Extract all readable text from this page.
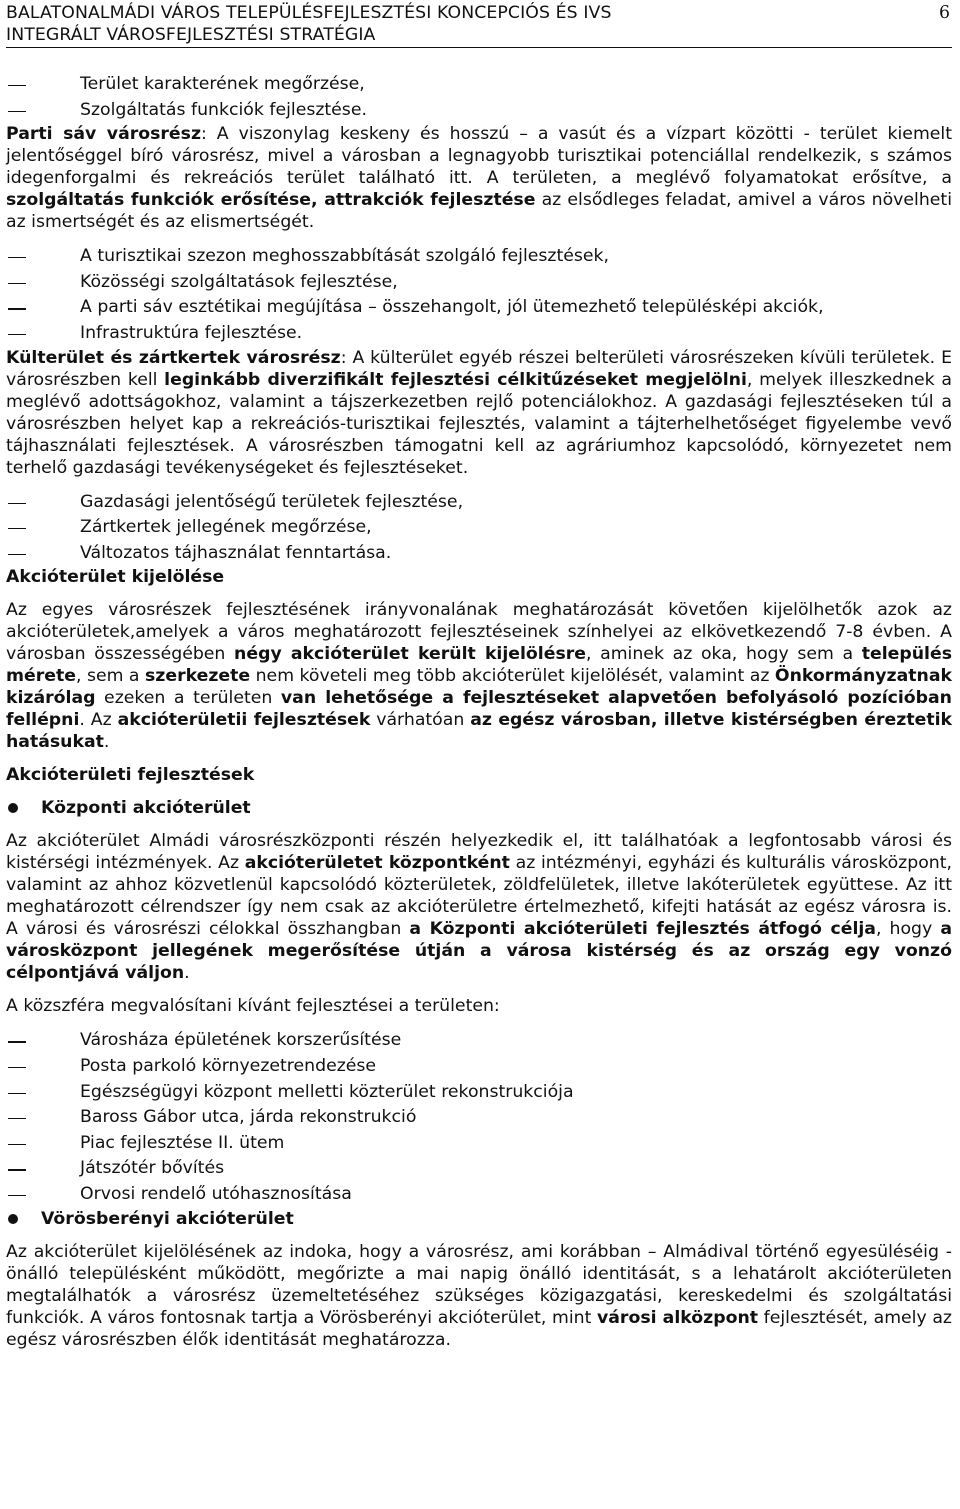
BALATONALMÁDI VÁROS TELEPÜLÉSFEJLESZTÉSI KONCEPCIÓS ÉS IVS
INTEGRÁLT VÁROSFEJLESZTÉSI STRATÉGIA
6
Terület karakterének megőrzése,
Szolgáltatás funkciók fejlesztése.

Parti sáv városrész: A viszonylag keskeny és hosszú – a vasút és a vízpart közötti - terület kiemelt jelentőséggel bíró városrész, mivel a városban a legnagyobb turisztikai potenciállal rendelkezik, s számos idegenforgalmi és rekreációs terület található itt. A területen, a meglévő folyamatokat erősítve, a szolgáltatás funkciók erősítése, attrakciók fejlesztése az elsődleges feladat, amivel a város növelheti az ismertségét és az elismertségét.

A turisztikai szezon meghosszabbítását szolgáló fejlesztések,
Közösségi szolgáltatások fejlesztése,
A parti sáv esztétikai megújítása – összehangolt, jól ütemezhető településképi akciók,
Infrastruktúra fejlesztése.

Külterület és zártkertek városrész: A külterület egyéb részei belterületi városrészeken kívüli területek. E városrészben kell leginkább diverzifikált fejlesztési célkitűzéseket megjelölni, melyek illeszkednek a meglévő adottságokhoz, valamint a tájszerkezetben rejlő potenciálokhoz. A gazdasági fejlesztéseken túl a városrészben helyet kap a rekreációs-turisztikai fejlesztés, valamint a tájterhelhetőséget figyelembe vevő tájhasználati fejlesztések. A városrészben támogatni kell az agráriumhoz kapcsolódó, környezetet nem terhelő gazdasági tevékenységeket és fejlesztéseket.

Gazdasági jelentőségű területek fejlesztése,
Zártkertek jellegének megőrzése,
Változatos tájhasználat fenntartása.

Akcióterület kijelölése

Az egyes városrészek fejlesztésének irányvonalának meghatározását követően kijelölhetők azok az akcióterületek,amelyek a város meghatározott fejlesztéseinek színhelyei az elkövetkezendő 7-8 évben. A városban összességében négy akcióterület került kijelölésre, aminek az oka, hogy sem a település mérete, sem a szerkezete nem követeli meg több akcióterület kijelölését, valamint az Önkormányzatnak kizárólag ezeken a területen van lehetősége a fejlesztéseket alapvetően befolyásoló pozícióban fellépni. Az akcióterületii fejlesztések várhatóan az egész városban, illetve kistérségben éreztetik hatásukat.

Akcióterületi fejlesztések

Központi akcióterület

Az akcióterület Almádi városrészközponti részén helyezkedik el, itt találhatóak a legfontosabb városi és kistérségi intézmények. Az akcióterületet központként az intézményi, egyházi és kulturális városközpont, valamint az ahhoz közvetlenül kapcsolódó közterületek, zöldfelületek, illetve lakóterületek együttese. Az itt meghatározott célrendszer így nem csak az akcióterületre értelmezhető, kifejti hatását az egész városra is. A városi és városrészi célokkal összhangban a Központi akcióterületi fejlesztés átfogó célja, hogy a városközpont jellegének megerősítése útján a városa kistérség és az ország egy vonzó célpontjává váljon.

A közszféra megvalósítani kívánt fejlesztései a területen:

Városháza épületének korszerűsítése
Posta parkoló környezetrendezése
Egészségügyi központ melletti közterület rekonstrukciója
Baross Gábor utca, járda rekonstrukció
Piac fejlesztése II. ütem
Játszótér bővítés
Orvosi rendelő utóhasznosítása

Vörösberényi akcióterület

Az akcióterület kijelölésének az indoka, hogy a városrész, ami korábban – Almádival történő egyesüléséig - önálló településként működött, megőrizte a mai napig önálló identitását, s a lehatárolt akcióterületen megtalálhatók a városrész üzemeltetéséhez szükséges közigazgatási, kereskedelmi és szolgáltatási funkciók. A város fontosnak tartja a Vörösberényi akcióterület, mint városi alközpont fejlesztését, amely az egész városrészben élők identitását meghatározza.
